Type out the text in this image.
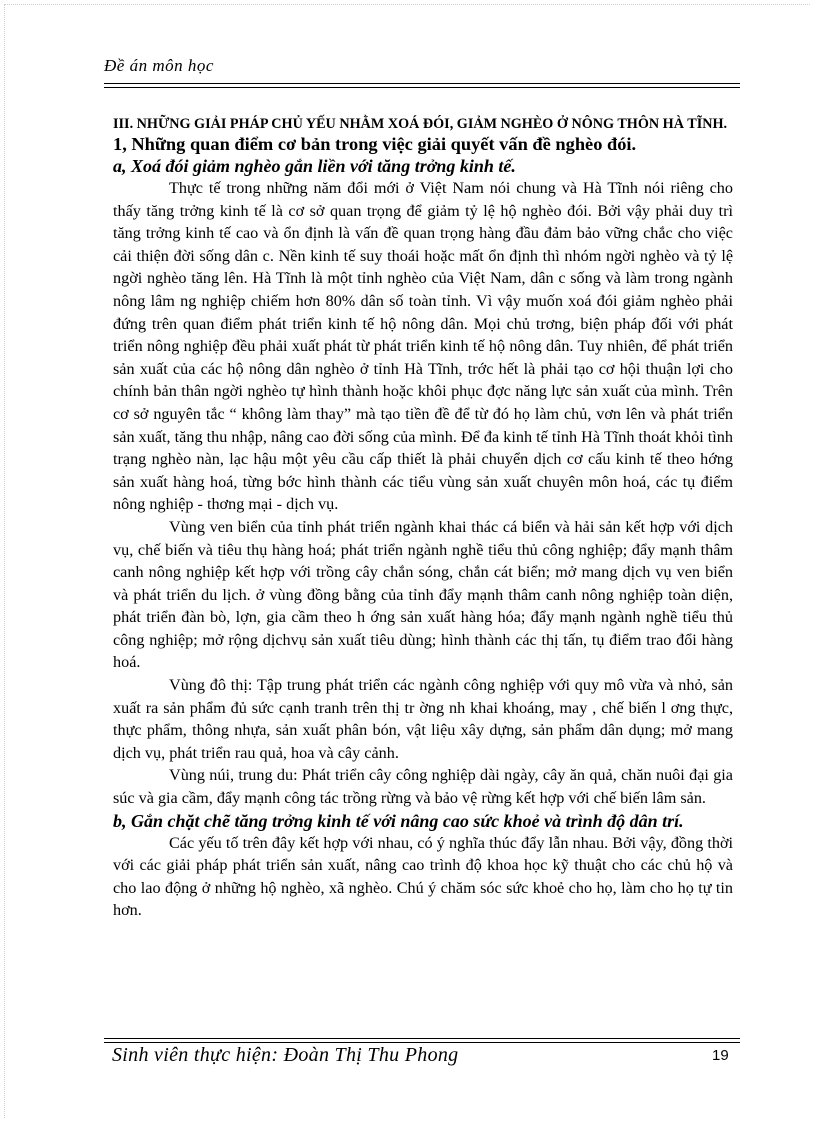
Đề án môn học

III. NHỮNG GIẢI PHÁP CHỦ YẾU NHẰM XOÁ ĐÓI, GIẢM NGHÈO Ở NÔNG THÔN HÀ TĨNH.

1, Những quan điểm cơ bản trong việc giải quyết vấn đề nghèo đói.

a, Xoá đói giảm nghèo gắn liền với tăng trởng kinh tế.

Thực tế trong những năm đổi mới ở Việt Nam nói chung và Hà Tĩnh nói riêng cho thấy tăng trởng kinh tế là cơ sở quan trọng để giảm tỷ lệ hộ nghèo đói. Bởi vậy phải duy trì tăng trởng kinh tế cao và ổn định là vấn đề quan trọng hàng đầu đảm bảo vững chắc cho việc cải thiện đời sống dân c. Nền kinh tế suy thoái hoặc mất ổn định thì nhóm ngời nghèo và tỷ lệ ngời nghèo tăng lên. Hà Tĩnh là một tỉnh nghèo của Việt Nam, dân c sống và làm trong ngành nông lâm ng nghiệp chiếm hơn 80% dân số toàn tỉnh. Vì vậy muốn xoá đói giảm nghèo phải đứng trên quan điểm phát triển kinh tế hộ nông dân. Mọi chủ trơng, biện pháp đối với phát triển nông nghiệp đều phải xuất phát từ phát triển kinh tế hộ nông dân. Tuy nhiên, để phát triển sản xuất của các hộ nông dân nghèo ở tỉnh Hà Tĩnh, trớc hết là phải tạo cơ hội thuận lợi cho chính bản thân ngời nghèo tự hình thành hoặc khôi phục đợc năng lực sản xuất của mình. Trên cơ sở nguyên tắc “ không làm thay” mà tạo tiền đề để từ đó họ làm chủ, vơn lên và phát triển sản xuất, tăng thu nhập, nâng cao đời sống của mình. Để đa kinh tế tỉnh Hà Tĩnh thoát khỏi tình trạng nghèo nàn, lạc hậu một yêu cầu cấp thiết là phải chuyển dịch cơ cấu kinh tế theo hớng sản xuất hàng hoá, từng bớc hình thành các tiểu vùng sản xuất chuyên môn hoá, các tụ điểm nông nghiệp - thơng mại - dịch vụ.

Vùng ven biển của tỉnh phát triển ngành khai thác cá biển và hải sản kết hợp với dịch vụ, chế biến và tiêu thụ hàng hoá; phát triển ngành nghề tiểu thủ công nghiệp; đẩy mạnh thâm canh nông nghiệp kết hợp với trồng cây chắn sóng, chắn cát biển; mở mang dịch vụ ven biển và phát triển du lịch. ở vùng đồng bằng của tỉnh đẩy mạnh thâm canh nông nghiệp toàn diện, phát triển đàn bò, lợn, gia cầm theo h ớng sản xuất hàng hóa; đẩy mạnh ngành nghề tiểu thủ công nghiệp; mở rộng dịchvụ sản xuất tiêu dùng; hình thành các thị tấn, tụ điểm trao đổi hàng hoá.

Vùng đô thị: Tập trung phát triển các ngành công nghiệp với quy mô vừa và nhỏ, sản xuất ra sản phẩm đủ sức cạnh tranh trên thị tr ờng nh khai khoáng, may , chế biến l ơng thực, thực phẩm, thông nhựa, sản xuất phân bón, vật liệu xây dựng, sản phẩm dân dụng; mở mang dịch vụ, phát triển rau quả, hoa và cây cảnh.

Vùng núi, trung du: Phát triển cây công nghiệp dài ngày, cây ăn quả, chăn nuôi đại gia súc và gia cầm, đẩy mạnh công tác trồng rừng và bảo vệ rừng kết hợp với chế biến lâm sản.

b, Gắn chặt chẽ tăng trởng kinh tế với nâng cao sức khoẻ và trình độ dân trí.

Các yếu tố trên đây kết hợp với nhau, có ý nghĩa thúc đẩy lẫn nhau. Bởi vậy, đồng thời với các giải pháp phát triển sản xuất, nâng cao trình độ khoa học kỹ thuật cho các chủ hộ và cho lao động ở những hộ nghèo, xã nghèo. Chú ý chăm sóc sức khoẻ cho họ, làm cho họ tự tin hơn.

Sinh viên thực hiện: Đoàn Thị Thu Phong	19
